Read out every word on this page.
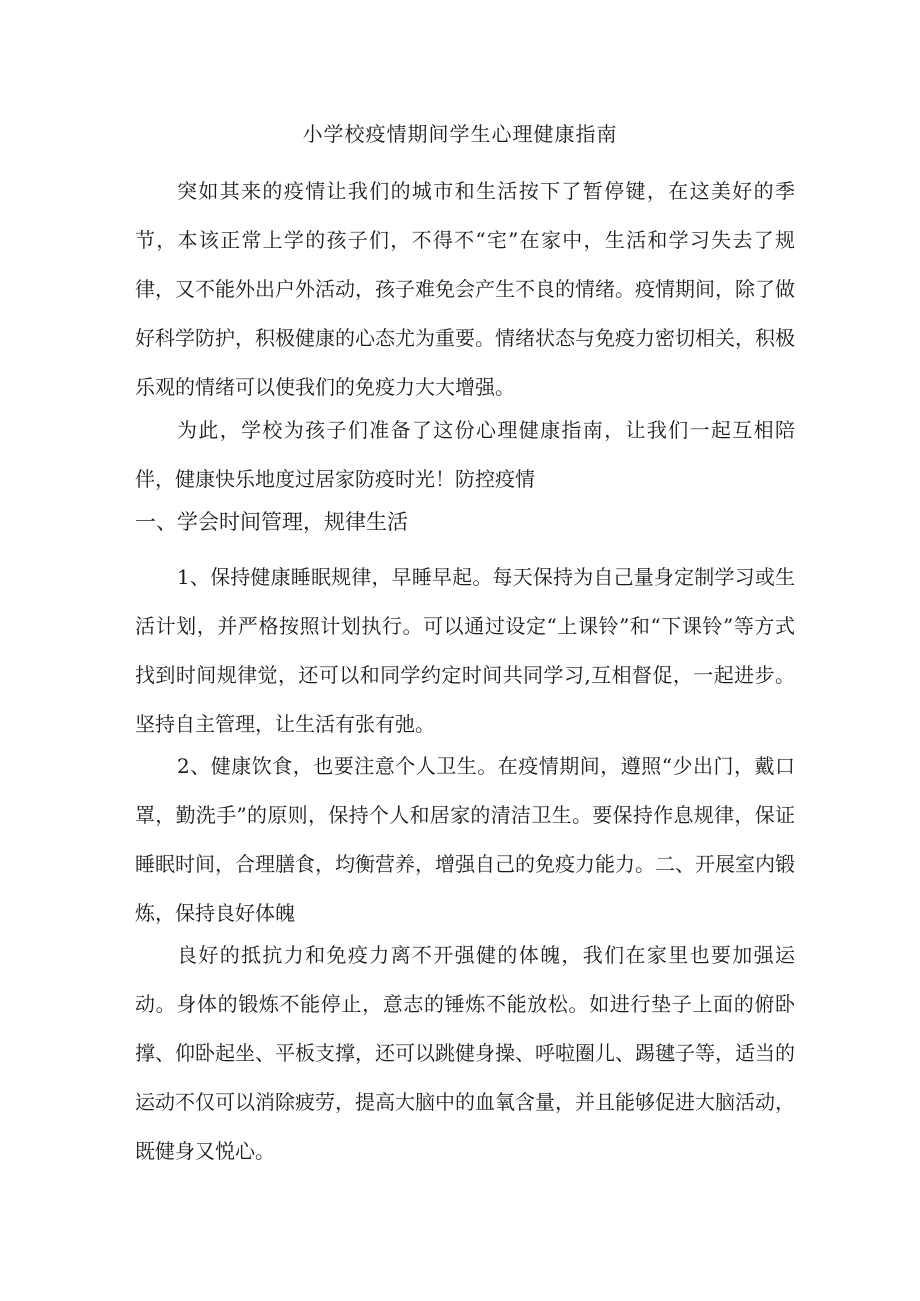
小学校疫情期间学生心理健康指南

突如其来的疫情让我们的城市和生活按下了暂停键，在这美好的季节，本该正常上学的孩子们，不得不“宅”在家中，生活和学习失去了规律，又不能外出户外活动，孩子难免会产生不良的情绪。疫情期间，除了做好科学防护，积极健康的心态尤为重要。情绪状态与免疫力密切相关，积极乐观的情绪可以使我们的免疫力大大增强。

为此，学校为孩子们准备了这份心理健康指南，让我们一起互相陪伴，健康快乐地度过居家防疫时光！防控疫情

一、学会时间管理，规律生活

1、保持健康睡眠规律，早睡早起。每天保持为自己量身定制学习或生活计划，并严格按照计划执行。可以通过设定“上课铃”和“下课铃”等方式找到时间规律觉，还可以和同学约定时间共同学习,互相督促，一起进步。坚持自主管理，让生活有张有弛。

2、健康饮食，也要注意个人卫生。在疫情期间，遵照“少出门，戴口罩，勤洗手”的原则，保持个人和居家的清洁卫生。要保持作息规律，保证睡眠时间，合理膳食，均衡营养，增强自己的免疫力能力。二、开展室内锻炼，保持良好体魄

良好的抵抗力和免疫力离不开强健的体魄，我们在家里也要加强运动。身体的锻炼不能停止，意志的锤炼不能放松。如进行垫子上面的俯卧撑、仰卧起坐、平板支撑，还可以跳健身操、呼啦圈儿、踢毽子等，适当的运动不仅可以消除疲劳，提高大脑中的血氧含量，并且能够促进大脑活动，既健身又悦心。
